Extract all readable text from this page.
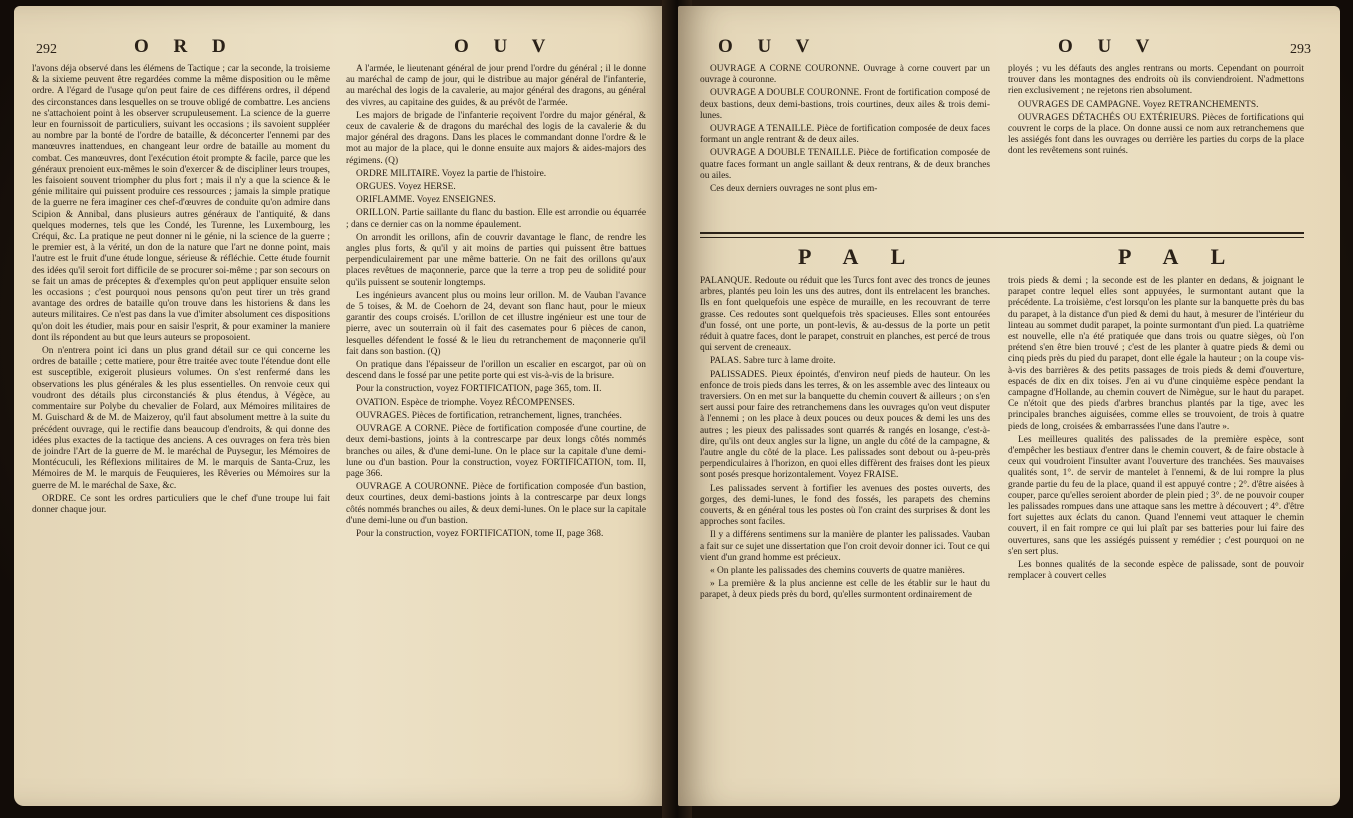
292	O R D	O U V

l'avons déja observé dans les élémens de Tactique ; car la seconde, la troisieme & la sixieme peuvent être regardées comme la même disposition ou le même ordre. A l'égard de l'usage qu'on peut faire de ces différens ordres, il dépend des circonstances dans lesquelles on se trouve obligé de combattre. Les anciens ne s'attachoient point à les observer scrupuleusement. La science de la guerre leur en fournissoit de particuliers, suivant les occasions ; ils savoient suppléer au nombre par la bonté de l'ordre de bataille, & déconcerter l'ennemi par des manœuvres inattendues, en changeant leur ordre de bataille au moment du combat. Ces manœuvres, dont l'exécution étoit prompte & facile, parce que les généraux prenoient eux-mêmes le soin d'exercer & de discipliner leurs troupes, les faisoient souvent triompher du plus fort ; mais il n'y a que la science & le génie militaire qui puissent produire ces ressources ; jamais la simple pratique de la guerre ne fera imaginer ces chef-d'œuvres de conduite qu'on admire dans Scipion & Annibal, dans plusieurs autres généraux de l'antiquité, & dans quelques modernes, tels que les Condé, les Turenne, les Luxembourg, les Créqui, &c. La pratique ne peut donner ni le génie, ni la science de la guerre ; le premier est, à la vérité, un don de la nature que l'art ne donne point, mais l'autre est le fruit d'une étude longue, sérieuse & réfléchie. Cette étude fournit des idées qu'il seroit fort difficile de se procurer soi-même ; par son secours on se fait un amas de préceptes & d'exemples qu'on peut appliquer ensuite selon les occasions ; c'est pourquoi nous pensons qu'on peut tirer un très grand avantage des ordres de bataille qu'on trouve dans les historiens & dans les auteurs militaires. Ce n'est pas dans la vue d'imiter absolument ces dispositions qu'on doit les étudier, mais pour en saisir l'esprit, & pour examiner la maniere dont ils répondent au but que leurs auteurs se proposoient.

On n'entrera point ici dans un plus grand détail sur ce qui concerne les ordres de bataille ; cette matiere, pour être traitée avec toute l'étendue dont elle est susceptible, exigeroit plusieurs volumes. On s'est renfermé dans les observations les plus générales & les plus essentielles. On renvoie ceux qui voudront des détails plus circonstanciés & plus étendus, à Végèce, au commentaire sur Polybe du chevalier de Folard, aux Mémoires militaires de M. Guischard & de M. de Maizeroy, qu'il faut absolument mettre à la suite du précédent ouvrage, qui le rectifie dans beaucoup d'endroits, & qui donne des idées plus exactes de la tactique des anciens. A ces ouvrages on fera très bien de joindre l'Art de la guerre de M. le maréchal de Puysegur, les Mémoires de Montécuculi, les Réflexions militaires de M. le marquis de Santa-Cruz, les Mémoires de M. le marquis de Feuquieres, les Rêveries ou Mémoires sur la guerre de M. le maréchal de Saxe, &c.

ORDRE. Ce sont les ordres particuliers que le chef d'une troupe lui fait donner chaque jour.

A l'armée, le lieutenant général de jour prend l'ordre du général ; il le donne au maréchal de camp de jour, qui le distribue au major général de l'infanterie, au maréchal des logis de la cavalerie, au major général des dragons, au général des vivres, au capitaine des guides, & au prévôt de l'armée.

Les majors de brigade de l'infanterie reçoivent l'ordre du major général, & ceux de cavalerie & de dragons du maréchal des logis de la cavalerie & du major général des dragons. Dans les places le commandant donne l'ordre & le mot au major de la place, qui le donne ensuite aux majors & aides-majors des régimens. (Q)

ORDRE MILITAIRE. Voyez la partie de l'histoire.

ORGUES. Voyez HERSE.

ORIFLAMME. Voyez ENSEIGNES.

ORILLON. Partie saillante du flanc du bastion. Elle est arrondie ou équarrée ; dans ce dernier cas on la nomme épaulement.

On arrondit les orillons, afin de couvrir davantage le flanc, de rendre les angles plus forts, & qu'il y ait moins de parties qui puissent être battues perpendiculairement par une même batterie. On ne fait des orillons qu'aux places revêtues de maçonnerie, parce que la terre a trop peu de solidité pour qu'ils puissent se soutenir longtemps.

Les ingénieurs avancent plus ou moins leur orillon. M. de Vauban l'avance de 5 toises, & M. de Coehorn de 24, devant son flanc haut, pour le mieux garantir des coups croisés. L'orillon de cet illustre ingénieur est une tour de pierre, avec un souterrain où il fait des casemates pour 6 pièces de canon, lesquelles défendent le fossé & le lieu du retranchement de maçonnerie qu'il fait dans son bastion. (Q)

On pratique dans l'épaisseur de l'orillon un escalier en escargot, par où on descend dans le fossé par une petite porte qui est vis-à-vis de la brisure.

Pour la construction, voyez FORTIFICATION, page 365, tom. II.

OVATION. Espèce de triomphe. Voyez RÉCOMPENSES.

OUVRAGES. Pièces de fortification, retranchement, lignes, tranchées.

OUVRAGE A CORNE. Pièce de fortification composée d'une courtine, de deux demi-bastions, joints à la contrescarpe par deux longs côtés nommés branches ou ailes, & d'une demi-lune. On le place sur la capitale d'une demi-lune ou d'un bastion. Pour la construction, voyez FORTIFICATION, tom. II, page 366.

OUVRAGE A COURONNE. Pièce de fortification composée d'un bastion, deux courtines, deux demi-bastions joints à la contrescarpe par deux longs côtés nommés branches ou ailes, & deux demi-lunes. On le place sur la capitale d'une demi-lune ou d'un bastion.

Pour la construction, voyez FORTIFICATION, tome II, page 368.

O U V	O U V	293

OUVRAGE A CORNE COURONNÉ. Ouvrage à corne couvert par un ouvrage à couronne.

OUVRAGE A DOUBLE COURONNE. Front de fortification composé de deux bastions, deux demi-bastions, trois courtines, deux ailes & trois demi-lunes.

OUVRAGE A TENAILLE. Pièce de fortification composée de deux faces formant un angle rentrant & de deux ailes.

OUVRAGE A DOUBLE TENAILLE. Pièce de fortification composée de quatre faces formant un angle saillant & deux rentrans, & de deux branches ou ailes.

Ces deux derniers ouvrages ne sont plus em-

ployés ; vu les défauts des angles rentrans ou morts. Cependant on pourroit trouver dans les montagnes des endroits où ils conviendroient. N'admettons rien exclusivement ; ne rejetons rien absolument.

OUVRAGES DE CAMPAGNE. Voyez RETRANCHEMENTS.

OUVRAGES DÉTACHÉS OU EXTÉRIEURS. Pièces de fortifications qui couvrent le corps de la place. On donne aussi ce nom aux retranchemens que les assiégés font dans les ouvrages ou derrière les parties du corps de la place dont les revêtemens sont ruinés.

P A L	P A L

PALANQUE. Redoute ou réduit que les Turcs font avec des troncs de jeunes arbres, plantés peu loin les uns des autres, dont ils entrelacent les branches. Ils en font quelquefois une espèce de muraille, en les recouvrant de terre grasse. Ces redoutes sont quelquefois très spacieuses. Elles sont entourées d'un fossé, ont une porte, un pont-levis, & au-dessus de la porte un petit réduit à quatre faces, dont le parapet, construit en planches, est percé de trous qui servent de creneaux.

PALAS. Sabre turc à lame droite.

PALISSADES. Pieux épointés, d'environ neuf pieds de hauteur. On les enfonce de trois pieds dans les terres, & on les assemble avec des linteaux ou traversiers. On en met sur la banquette du chemin couvert & ailleurs ; on s'en sert aussi pour faire des retranchemens dans les ouvrages qu'on veut disputer à l'ennemi ; on les place à deux pouces ou deux pouces & demi les uns des autres ; les pieux des palissades sont quarrés & rangés en losange, c'est-à-dire, qu'ils ont deux angles sur la ligne, un angle du côté de la campagne, & l'autre angle du côté de la place. Les palissades sont debout ou à-peu-près perpendiculaires à l'horizon, en quoi elles diffèrent des fraises dont les pieux sont posés presque horizontalement. Voyez FRAISE.

Les palissades servent à fortifier les avenues des postes ouverts, des gorges, des demi-lunes, le fond des fossés, les parapets des chemins couverts, & en général tous les postes où l'on craint des surprises & dont les approches sont faciles.

Il y a différens sentimens sur la manière de planter les palissades. Vauban a fait sur ce sujet une dissertation que l'on croit devoir donner ici. Tout ce qui vient d'un grand homme est précieux.

« On plante les palissades des chemins couverts de quatre manières.

» La première & la plus ancienne est celle de les établir sur le haut du parapet, à deux pieds près du bord, qu'elles surmontent ordinairement de

trois pieds & demi ; la seconde est de les planter en dedans, & joignant le parapet contre lequel elles sont appuyées, le surmontant autant que la précédente. La troisième, c'est lorsqu'on les plante sur la banquette près du bas du parapet, à la distance d'un pied & demi du haut, à mesurer de l'intérieur du linteau au sommet dudit parapet, la pointe surmontant d'un pied. La quatrième est nouvelle, elle n'a été pratiquée que dans trois ou quatre sièges, où l'on prétend s'en être bien trouvé ; c'est de les planter à quatre pieds & demi ou cinq pieds près du pied du parapet, dont elle égale la hauteur ; on la coupe vis-à-vis des barrières & des petits passages de trois pieds & demi d'ouverture, espacés de dix en dix toises. J'en ai vu d'une cinquième espèce pendant la campagne d'Hollande, au chemin couvert de Nimègue, sur le haut du parapet. Ce n'étoit que des pieds d'arbres branchus plantés par la tige, avec les principales branches aiguisées, comme elles se trouvoient, de trois à quatre pieds de long, croisées & embarrassées l'une dans l'autre ».

Les meilleures qualités des palissades de la première espèce, sont d'empêcher les bestiaux d'entrer dans le chemin couvert, & de faire obstacle à ceux qui voudroient l'insulter avant l'ouverture des tranchées. Ses mauvaises qualités sont, 1°. de servir de mantelet à l'ennemi, & de lui rompre la plus grande partie du feu de la place, quand il est appuyé contre ; 2°. d'être aisées à couper, parce qu'elles seroient aborder de plein pied ; 3°. de ne pouvoir couper les palissades rompues dans une attaque sans les mettre à découvert ; 4°. d'être fort sujettes aux éclats du canon. Quand l'ennemi veut attaquer le chemin couvert, il en fait rompre ce qui lui plaît par ses batteries pour lui faire des ouvertures, sans que les assiégés puissent y remédier ; c'est pourquoi on ne s'en sert plus.

Les bonnes qualités de la seconde espèce de palissade, sont de pouvoir remplacer à couvert celles
